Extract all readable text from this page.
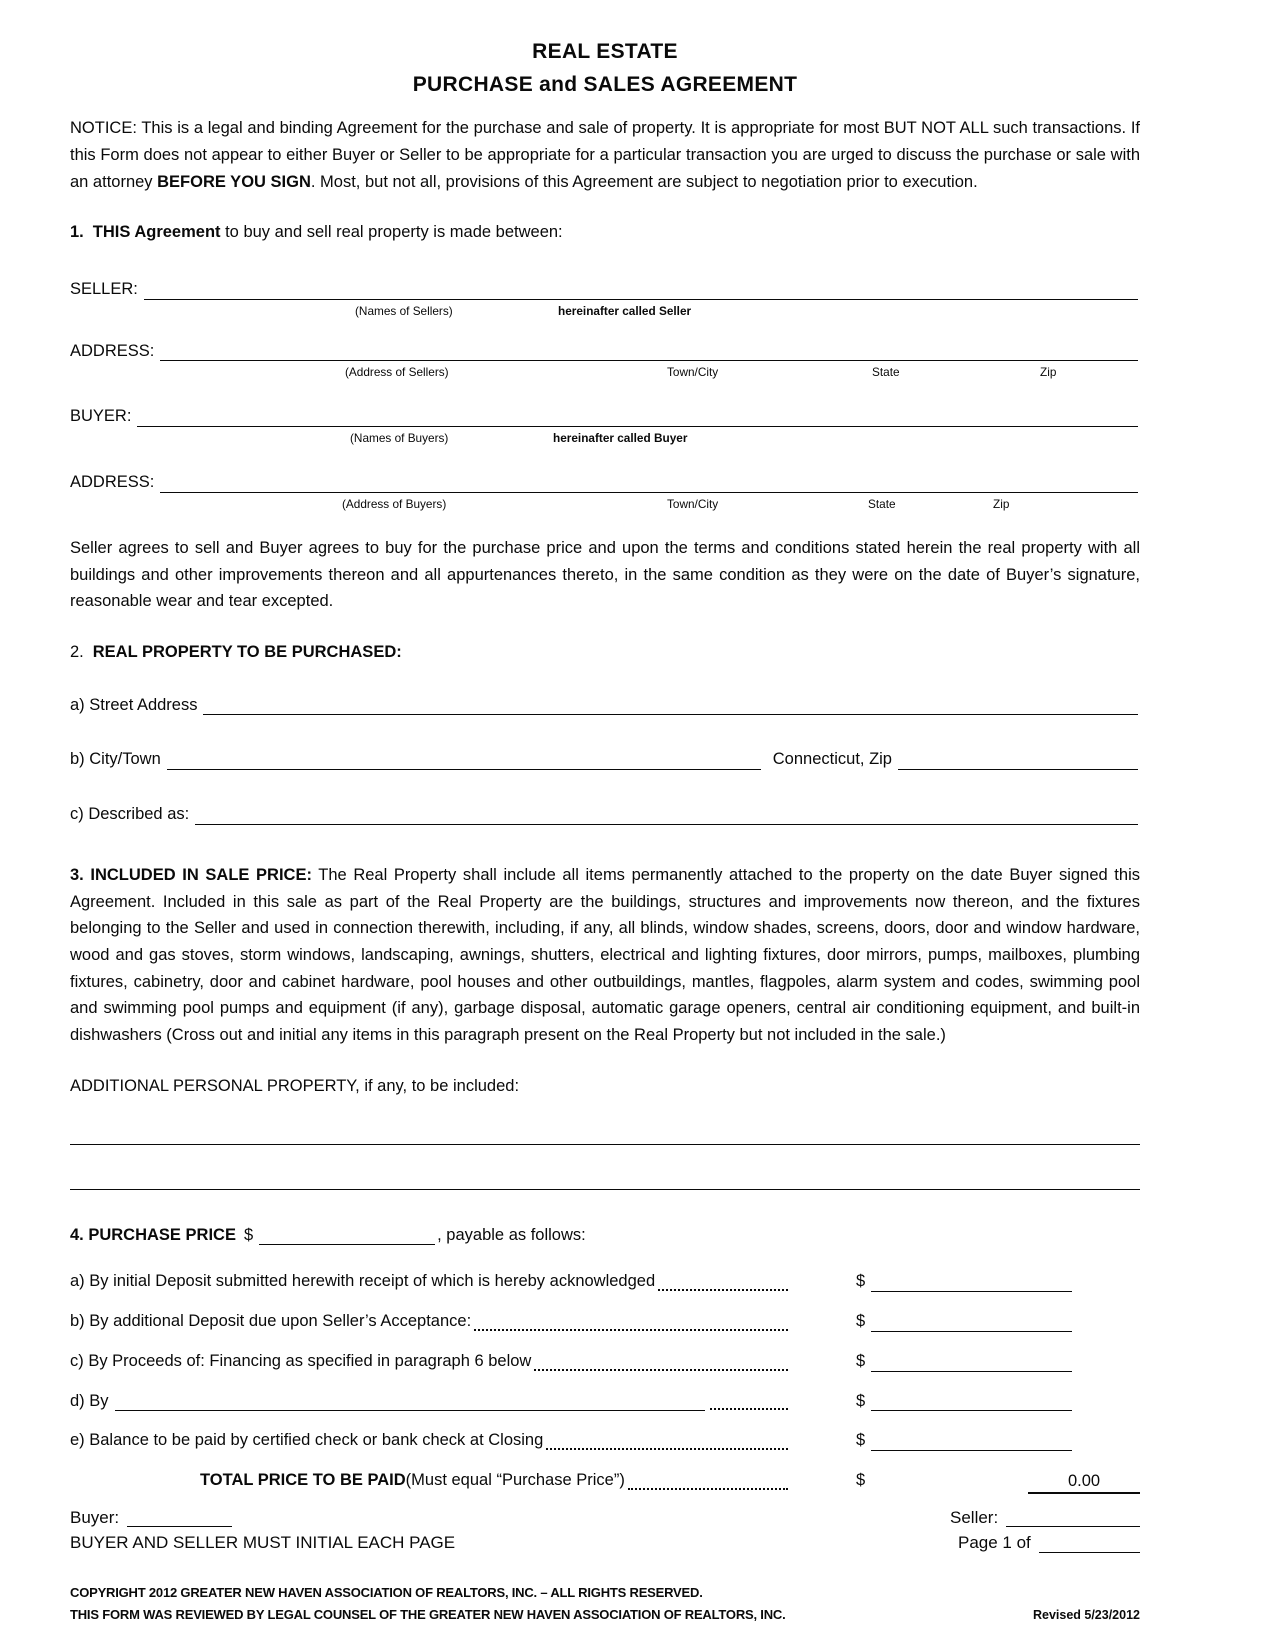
REAL ESTATE
PURCHASE and SALES AGREEMENT

NOTICE: This is a legal and binding Agreement for the purchase and sale of property. It is appropriate for most BUT NOT ALL such transactions. If this Form does not appear to either Buyer or Seller to be appropriate for a particular transaction you are urged to discuss the purchase or sale with an attorney BEFORE YOU SIGN. Most, but not all, provisions of this Agreement are subject to negotiation prior to execution.

1. THIS Agreement to buy and sell real property is made between:
SELLER:
(Names of Sellers)	hereinafter called Seller
ADDRESS:
(Address of Sellers)	Town/City	State	Zip
BUYER:
(Names of Buyers)	hereinafter called Buyer
ADDRESS:
(Address of Buyers)	Town/City	State	Zip

Seller agrees to sell and Buyer agrees to buy for the purchase price and upon the terms and conditions stated herein the real property with all buildings and other improvements thereon and all appurtenances thereto, in the same condition as they were on the date of Buyer’s signature, reasonable wear and tear excepted.

2. REAL PROPERTY TO BE PURCHASED:
a) Street Address
b) City/Town	Connecticut, Zip
c) Described as:

3. INCLUDED IN SALE PRICE: The Real Property shall include all items permanently attached to the property on the date Buyer signed this Agreement. Included in this sale as part of the Real Property are the buildings, structures and improvements now thereon, and the fixtures belonging to the Seller and used in connection therewith, including, if any, all blinds, window shades, screens, doors, door and window hardware, wood and gas stoves, storm windows, landscaping, awnings, shutters, electrical and lighting fixtures, door mirrors, pumps, mailboxes, plumbing fixtures, cabinetry, door and cabinet hardware, pool houses and other outbuildings, mantles, flagpoles, alarm system and codes, swimming pool and swimming pool pumps and equipment (if any), garbage disposal, automatic garage openers, central air conditioning equipment, and built-in dishwashers (Cross out and initial any items in this paragraph present on the Real Property but not included in the sale.)

ADDITIONAL PERSONAL PROPERTY, if any, to be included:
4. PURCHASE PRICE $	, payable as follows:
a) By initial Deposit submitted herewith receipt of which is hereby acknowledged	$
b) By additional Deposit due upon Seller’s Acceptance:	$
c) By Proceeds of: Financing as specified in paragraph 6 below	$
d) By	$
e) Balance to be paid by certified check or bank check at Closing	$
TOTAL PRICE TO BE PAID (Must equal “Purchase Price”)	$	0.00
Buyer:	Seller:
BUYER AND SELLER MUST INITIAL EACH PAGE	Page 1 of
COPYRIGHT 2012 GREATER NEW HAVEN ASSOCIATION OF REALTORS, INC. – ALL RIGHTS RESERVED.
THIS FORM WAS REVIEWED BY LEGAL COUNSEL OF THE GREATER NEW HAVEN ASSOCIATION OF REALTORS, INC.	Revised 5/23/2012
